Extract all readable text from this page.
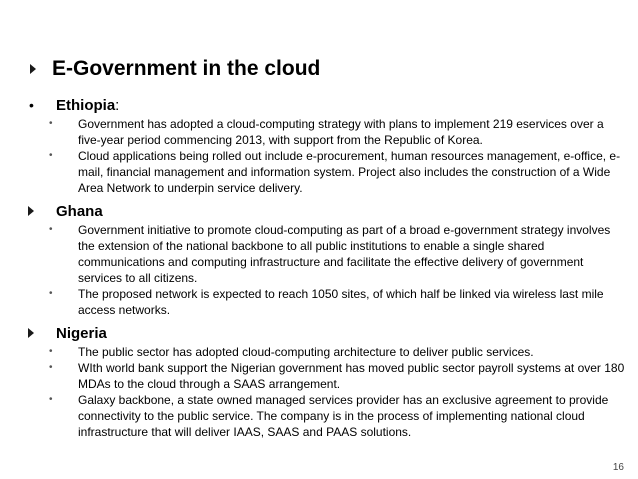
E-Government in the cloud
• Ethiopia:
• Government has adopted a cloud-computing strategy with plans to implement 219 eservices over a five-year period commencing 2013, with support from the Republic of Korea.
• Cloud applications being rolled out include e-procurement, human resources management, e-office, e-mail, financial management and information system. Project also includes the construction of a Wide Area Network to underpin service delivery.
Ghana
• Government initiative to promote cloud-computing as part of a broad e-government strategy involves the extension of the national backbone to all public institutions to enable a single shared communications and computing infrastructure and facilitate the effective delivery of government services to all citizens.
• The proposed network is expected to reach 1050 sites, of which half be linked via wireless last mile access networks.
Nigeria
• The public sector has adopted cloud-computing architecture to deliver public services.
• WIth world bank support the Nigerian government has moved public sector payroll systems at over 180 MDAs to the cloud through a SAAS arrangement.
• Galaxy backbone, a state owned managed services provider has an exclusive agreement to provide connectivity to the public service. The company is in the process of implementing national cloud infrastructure that will deliver IAAS, SAAS and PAAS solutions.
16
